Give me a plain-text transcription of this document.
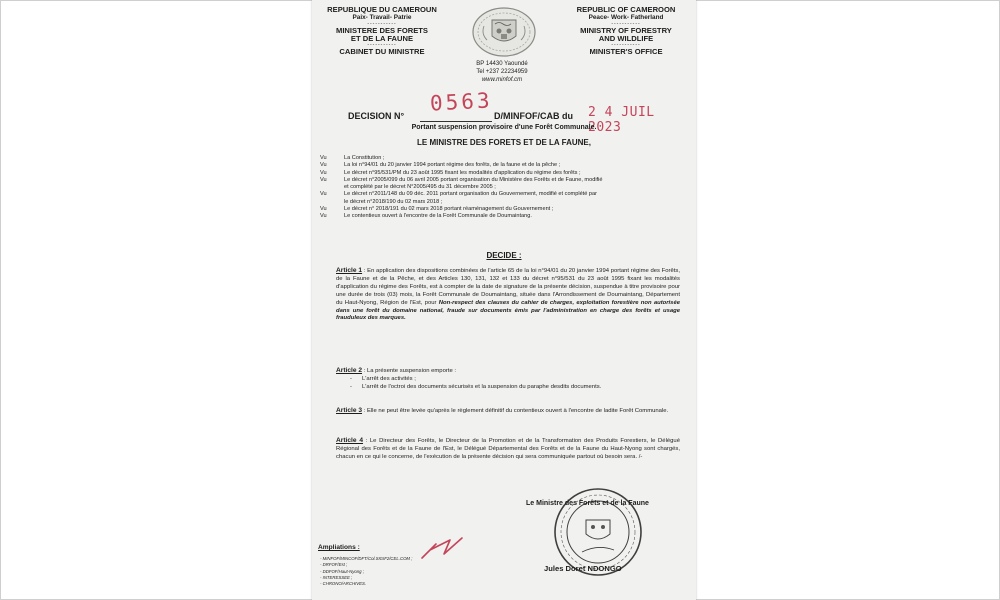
REPUBLIQUE DU CAMEROUN
Paix- Travail- Patrie
-----------
MINISTERE DES FORETS
ET DE LA FAUNE
-----------
CABINET DU MINISTRE
BP 14430 Yaoundé
Tel +237 22234959
www.minfof.cm
REPUBLIC OF CAMEROON
Peace- Work- Fatherland
-----------
MINISTRY OF FORESTRY
AND WILDLIFE
-----------
MINISTER'S OFFICE
DECISION N°
0563
D/MINFOF/CAB du 2 4 JUIL 2023
Portant suspension provisoire d'une Forêt Communale.
LE MINISTRE DES FORETS ET DE LA FAUNE,
Vu	La Constitution ;
Vu	La loi n°94/01 du 20 janvier 1994 portant régime des forêts, de la faune et de la pêche ;
Vu	Le décret n°95/531/PM du 23 août 1995 fixant les modalités d'application du régime des forêts ;
Vu	Le décret n°2005/099 du 06 avril 2005 portant organisation du Ministère des Forêts et de Faune, modifié
et complété par le décret N°2005/495 du 31 décembre 2005 ;
Vu	Le décret n°2011/148 du 09 déc. 2011 portant organisation du Gouvernement, modifié et complété par
le décret n°2018/190 du 02 mars 2018 ;
Vu	Le décret n° 2018/191 du 02 mars 2018 portant réaménagement du Gouvernement ;
Vu	Le contentieux ouvert à l'encontre de la Forêt Communale de Doumaintang.
DECIDE :
Article 1 : En application des dispositions combinées de l'article 65 de la loi n°94/01 du 20 janvier 1994 portant régime des Forêts, de la Faune et de la Pêche, et des Articles 130, 131, 132 et 133 du décret n°95/531 du 23 août 1995 fixant les modalités d'application du régime des Forêts, est à compter de la date de signature de la présente décision, suspendue à titre provisoire pour une durée de trois (03) mois, la Forêt Communale de Doumaintang, située dans l'Arrondissement de Doumaintang, Département du Haut-Nyong, Région de l'Est, pour Non-respect des clauses du cahier de charges, exploitation forestière non autorisée dans une forêt du domaine national, fraude sur documents émis par l'administration en charge des forêts et usage frauduleux des marques.
Article 2 : La présente suspension emporte :
-	L'arrêt des activités ;
-	L'arrêt de l'octroi des documents sécurisés et la suspension du paraphe desdits documents.
Article 3 : Elle ne peut être levée qu'après le règlement définitif du contentieux ouvert à l'encontre de ladite Forêt Communale.
Article 4 : Le Directeur des Forêts, le Directeur de la Promotion et de la Transformation des Produits Forestiers, le Délégué Régional des Forêts et de la Faune de l'Est, le Délégué Départemental des Forêts et de la Faune du Haut-Nyong sont chargés, chacun en ce qui le concerne, de l'exécution de la présente décision qui sera communiquée partout où besoin sera. /-
Le Ministre des Forêts et de la Faune
Jules Doret NDONGO
Ampliations :
- MINFOF/MINCOF/DFT/Col.SIGIF2/CEL.COM ;
- DRFOF/Est ;
- DDFOF/Haut-Nyong ;
- INTERESSEE ;
- CHRONO/ARCHIVES.
